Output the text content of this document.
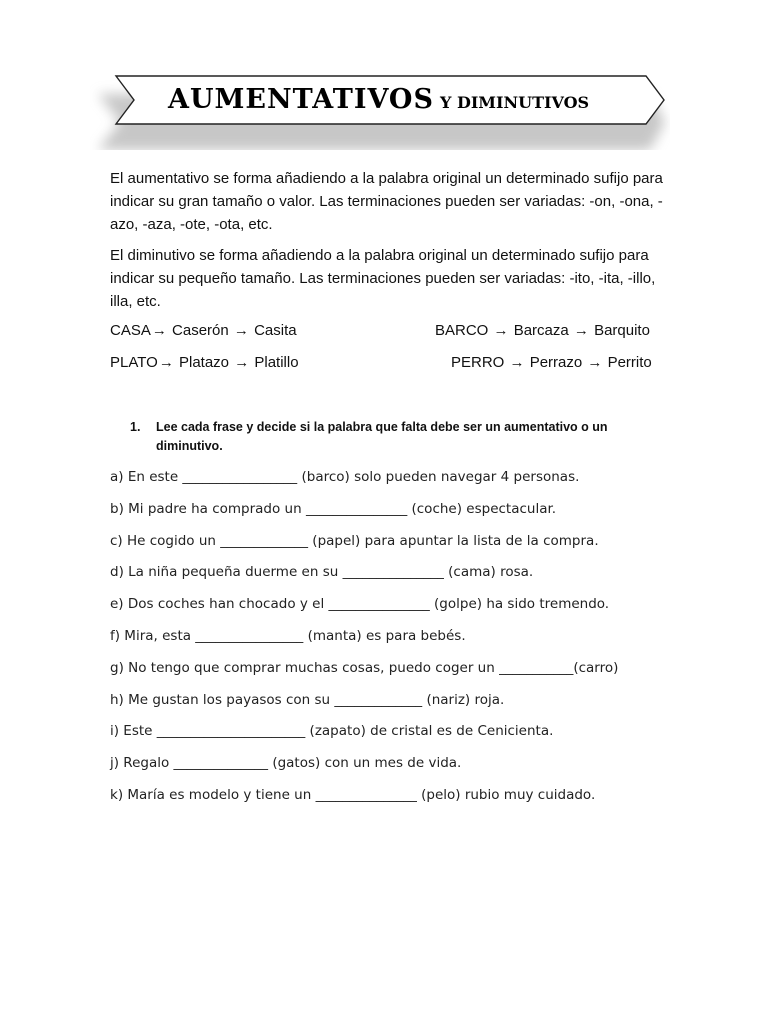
AUMENTATIVOS Y DIMINUTIVOS
El aumentativo se forma añadiendo a la palabra original un determinado sufijo para indicar su gran tamaño o valor. Las terminaciones pueden ser variadas: -on, -ona, -azo, -aza, -ote, -ota, etc.
El diminutivo se forma añadiendo a la palabra original un determinado sufijo para indicar su pequeño tamaño. Las terminaciones pueden ser variadas: -ito, -ita, -illo, illa, etc.
CASA→ Caserón → Casita	BARCO → Barcaza → Barquito
PLATO→ Platazo → Platillo	PERRO → Perrazo → Perrito
1. Lee cada frase y decide si la palabra que falta debe ser un aumentativo o un diminutivo.
a) En este _________________ (barco) solo pueden navegar 4 personas.
b) Mi padre ha comprado un _______________ (coche) espectacular.
c) He cogido un _____________ (papel) para apuntar la lista de la compra.
d) La niña pequeña duerme en su _______________ (cama) rosa.
e) Dos coches han chocado y el _______________ (golpe) ha sido tremendo.
f) Mira, esta ________________ (manta) es para bebés.
g) No tengo que comprar muchas cosas, puedo coger un ___________(carro)
h) Me gustan los payasos con su _____________ (nariz) roja.
i) Este ______________________ (zapato) de cristal es de Cenicienta.
j) Regalo ______________ (gatos) con un mes de vida.
k) María es modelo y tiene un _______________ (pelo) rubio muy cuidado.
